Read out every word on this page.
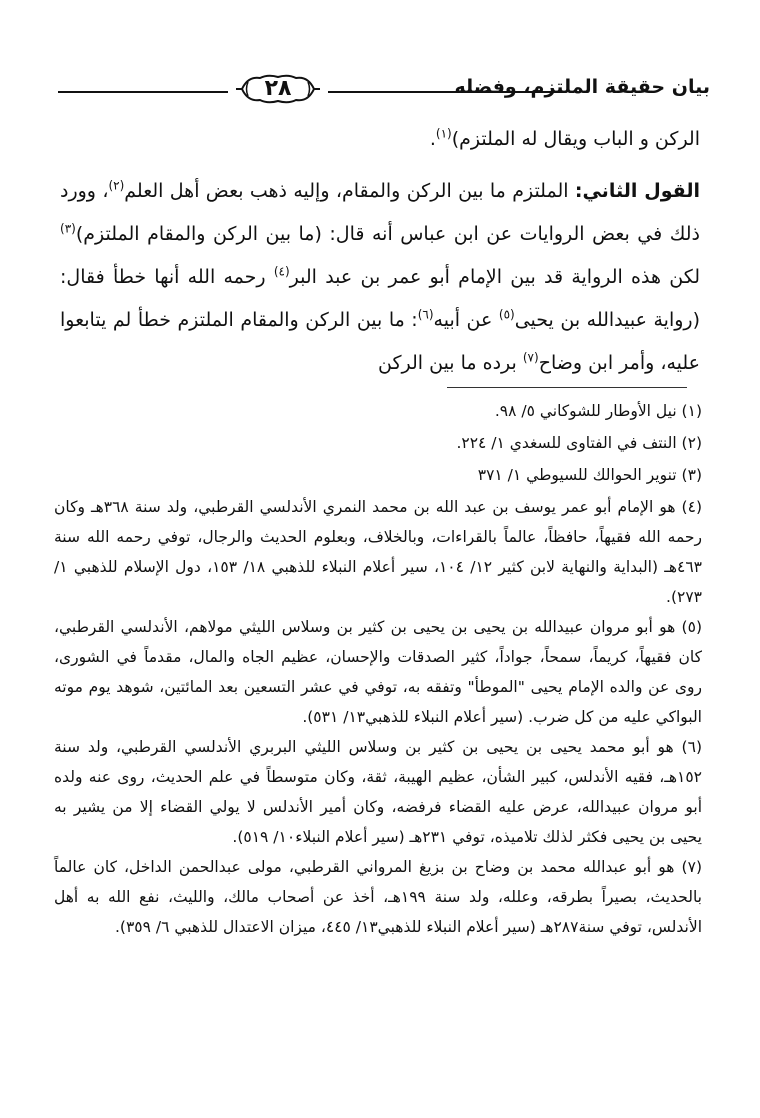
٢٨	بيان حقيقة الملتزم، وفضله

الركن و الباب ويقال له الملتزم)$^{(١)}$.

القول الثاني: الملتزم ما بين الركن والمقام، وإليه ذهب بعض أهل العلم$^{(٢)}$، وورد ذلك في بعض الروايات عن ابن عباس أنه قال: (ما بين الركن والمقام الملتزم)$^{(٣)}$ لكن هذه الرواية قد بين الإمام أبو عمر بن عبد البر$^{(٤)}$ رحمه الله أنها خطأ فقال: (رواية عبيدالله بن يحيى$^{(٥)}$ عن أبيه$^{(٦)}$: ما بين الركن والمقام الملتزم خطأ لم يتابعوا عليه، وأمر ابن وضاح$^{(٧)}$ برده ما بين الركن

(١) نيل الأوطار للشوكاني ٥/ ٩٨.

(٢) النتف في الفتاوى للسغدي ١/ ٢٢٤.

(٣) تنوير الحوالك للسيوطي ١/ ٣٧١

(٤) هو الإمام أبو عمر يوسف بن عبد الله بن محمد النمري الأندلسي القرطبي، ولد سنة ٣٦٨هـ وكان رحمه الله فقيهاً، حافظاً، عالماً بالقراءات، وبالخلاف، وبعلوم الحديث والرجال، توفي رحمه الله سنة ٤٦٣هـ (البداية والنهاية لابن كثير ١٢/ ١٠٤، سير أعلام النبلاء للذهبي ١٨/ ١٥٣، دول الإسلام للذهبي ١/ ٢٧٣).

(٥) هو أبو مروان عبيدالله بن يحيى بن يحيى بن كثير بن وسلاس الليثي مولاهم، الأندلسي القرطبي، كان فقيهاً، كريماً، سمحاً، جواداً، كثير الصدقات والإحسان، عظيم الجاه والمال، مقدماً في الشورى، روى عن والده الإمام يحيى "الموطأ" وتفقه به، توفي في عشر التسعين بعد المائتين، شوهد يوم موته البواكي عليه من كل ضرب. (سير أعلام النبلاء للذهبي١٣/ ٥٣١).

(٦) هو أبو محمد يحيى بن يحيى بن كثير بن وسلاس الليثي البربري الأندلسي القرطبي، ولد سنة ١٥٢هـ، فقيه الأندلس، كبير الشأن، عظيم الهيبة، ثقة، وكان متوسطاً في علم الحديث، روى عنه ولده أبو مروان عبيدالله، عرض عليه القضاء فرفضه، وكان أمير الأندلس لا يولي القضاء إلا من يشير به يحيى بن يحيى فكثر لذلك تلاميذه، توفي ٢٣١هـ (سير أعلام النبلاء١٠/ ٥١٩).

(٧) هو أبو عبدالله محمد بن وضاح بن بزيغ المرواني القرطبي، مولى عبدالحمن الداخل، كان عالماً بالحديث، بصيراً بطرقه، وعلله، ولد سنة ١٩٩هـ، أخذ عن أصحاب مالك، والليث، نفع الله به أهل الأندلس، توفي سنة٢٨٧هـ (سير أعلام النبلاء للذهبي١٣/ ٤٤٥، ميزان الاعتدال للذهبي ٦/ ٣٥٩).
